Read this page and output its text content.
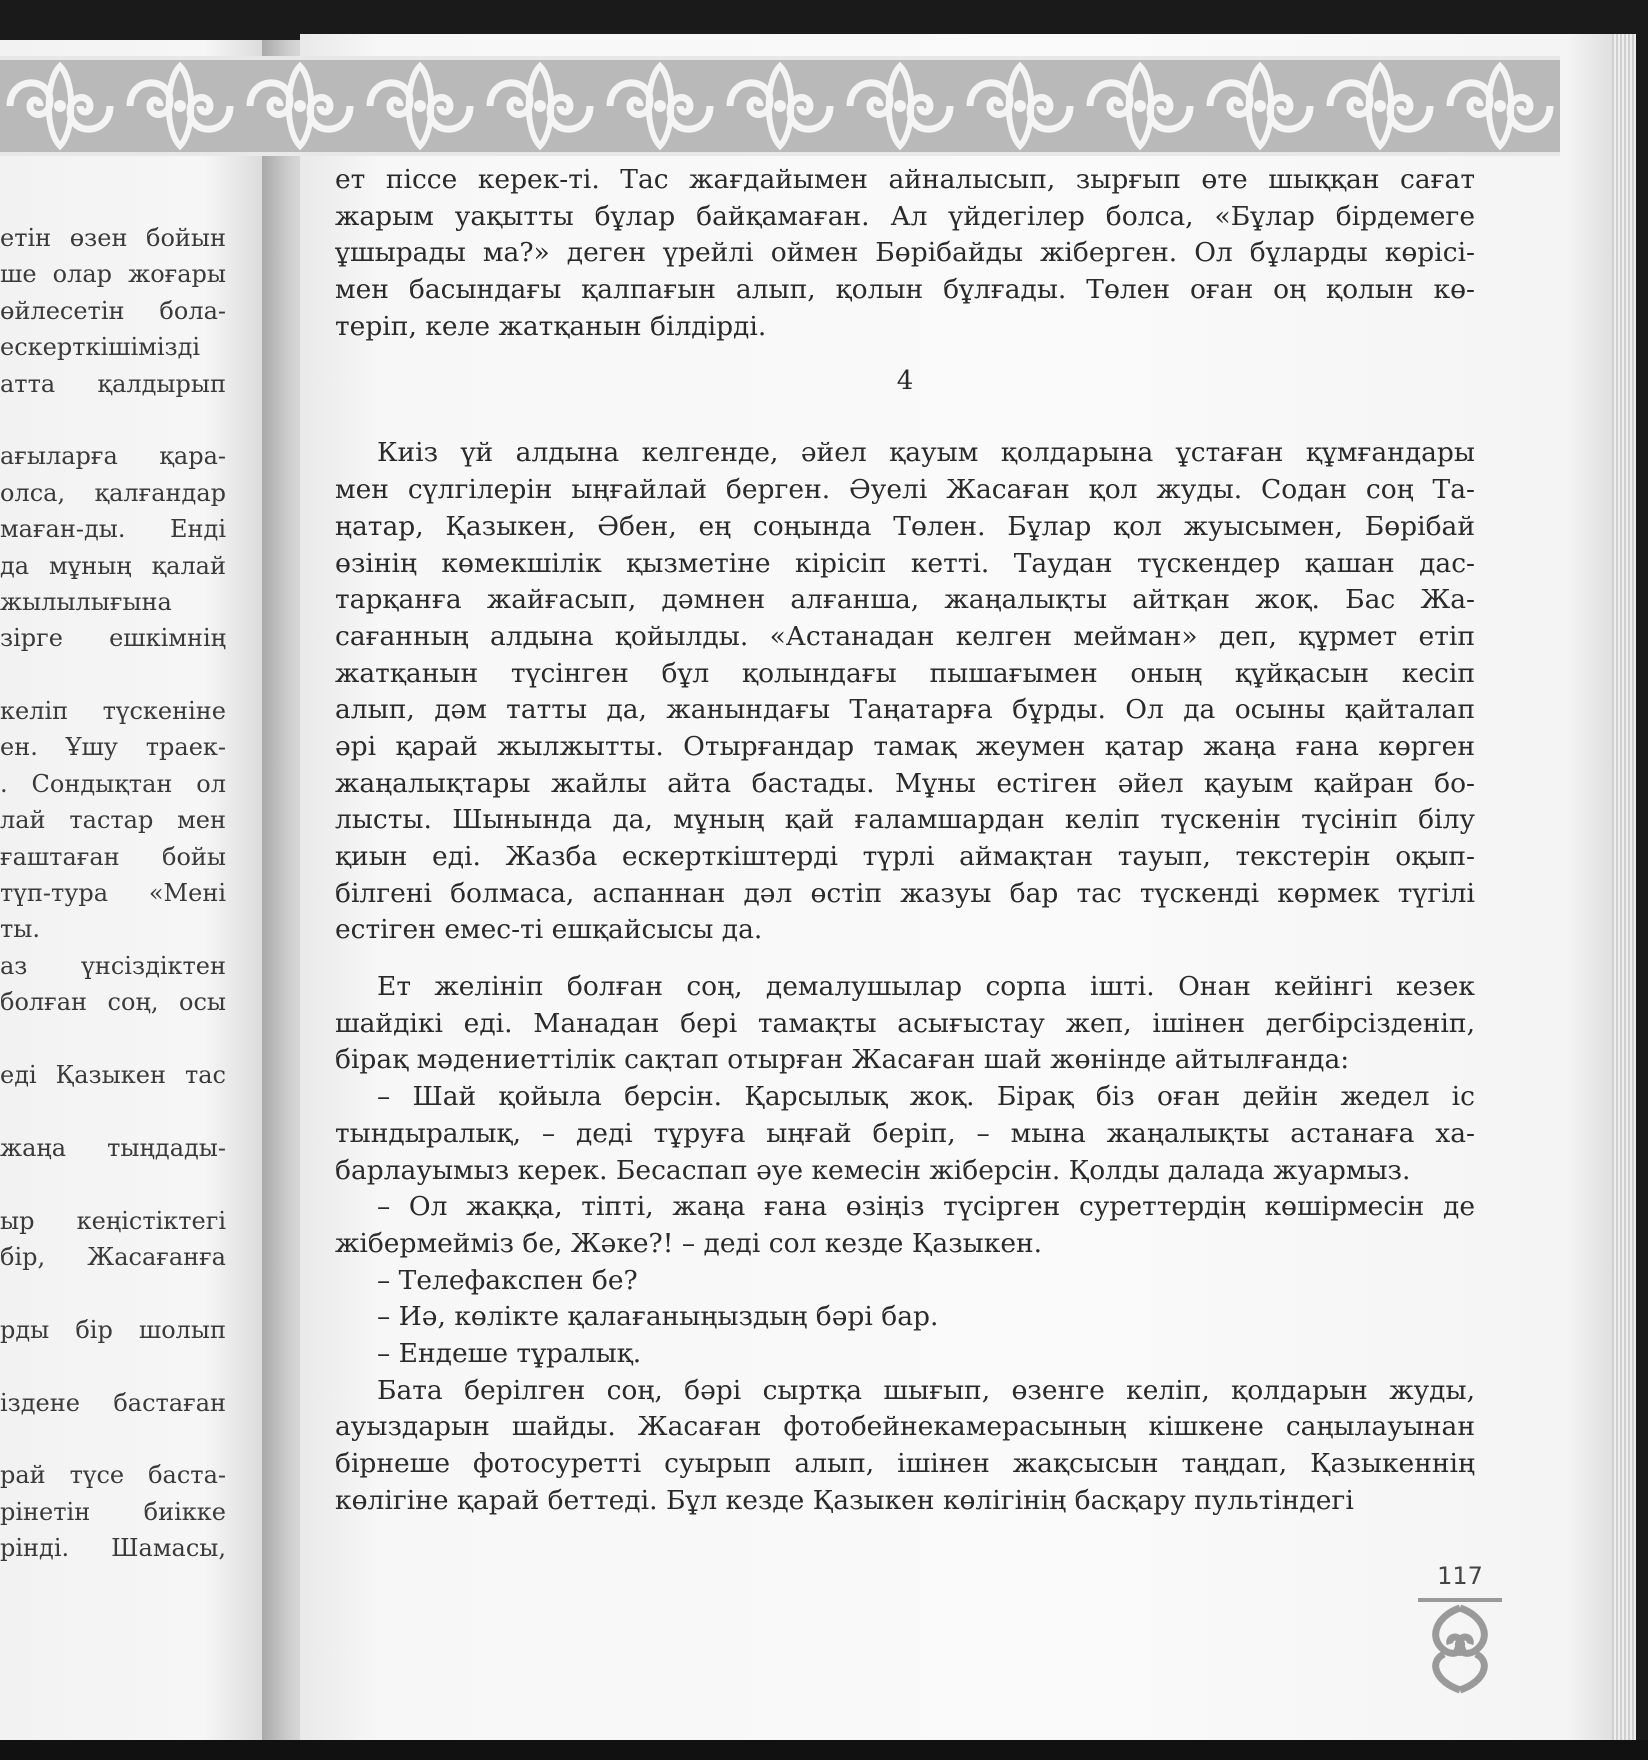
етін өзен бойын
ше олар жоғары
өйлесетін бола-
ескерткішімізді
атта қалдырып
ағыларға қара-
олса, қалғандар
маған-ды. Енді
да мұның қалай
жылылығына
зірге ешкімнің
келіп түскеніне
ен. Ұшу траек-
. Сондықтан ол
лай тастар мен
ғаштаған бойы
түп-тура «Мені
ты.
аз үнсіздіктен
болған соң, осы
еді Қазыкен тас
жаңа тыңдады-
ыр кеңістіктегі
бір, Жасағанға
рды бір шолып
іздене бастаған
рай түсе баста-
рінетін биікке
рінді. Шамасы,
ет піссе керек-ті. Тас жағдайымен айналысып, зырғып өте шыққан сағат
жарым уақытты бұлар байқамаған. Ал үйдегілер болса, «Бұлар бірдемеге
ұшырады ма?» деген үрейлі оймен Бөрібайды жіберген. Ол бұларды көрісі-
мен басындағы қалпағын алып, қолын бұлғады. Төлен оған оң қолын кө-
теріп, келе жатқанын білдірді.
4
Киіз үй алдына келгенде, әйел қауым қолдарына ұстаған құмғандары
мен сүлгілерін ыңғайлай берген. Әуелі Жасаған қол жуды. Содан соң Та-
ңатар, Қазыкен, Әбен, ең соңында Төлен. Бұлар қол жуысымен, Бөрібай
өзінің көмекшілік қызметіне кірісіп кетті. Таудан түскендер қашан дас-
тарқанға жайғасып, дәмнен алғанша, жаңалықты айтқан жоқ. Бас Жа-
сағанның алдына қойылды. «Астанадан келген мейман» деп, құрмет етіп
жатқанын түсінген бұл қолындағы пышағымен оның құйқасын кесіп
алып, дәм татты да, жанындағы Таңатарға бұрды. Ол да осыны қайталап
әрі қарай жылжытты. Отырғандар тамақ жеумен қатар жаңа ғана көрген
жаңалықтары жайлы айта бастады. Мұны естіген әйел қауым қайран бо-
лысты. Шынында да, мұның қай ғаламшардан келіп түскенін түсініп білу
қиын еді. Жазба ескерткіштерді түрлі аймақтан тауып, текстерін оқып-
білгені болмаса, аспаннан дәл өстіп жазуы бар тас түскенді көрмек түгілі
естіген емес-ті ешқайсысы да.
Ет желініп болған соң, демалушылар сорпа ішті. Онан кейінгі кезек
шайдікі еді. Манадан бері тамақты асығыстау жеп, ішінен дегбірсізденіп,
бірақ мәдениеттілік сақтап отырған Жасаған шай жөнінде айтылғанда:
– Шай қойыла берсін. Қарсылық жоқ. Бірақ біз оған дейін жедел іс
тындыралық, – деді тұруға ыңғай беріп, – мына жаңалықты астанаға ха-
барлауымыз керек. Бесаспап әуе кемесін жіберсін. Қолды далада жуармыз.
– Ол жаққа, тіпті, жаңа ғана өзіңіз түсірген суреттердің көшірмесін де
жібермейміз бе, Жәке?! – деді сол кезде Қазыкен.
– Телефакспен бе?
– Иә, көлікте қалағаныңыздың бәрі бар.
– Ендеше тұралық.
Бата берілген соң, бәрі сыртқа шығып, өзенге келіп, қолдарын жуды,
ауыздарын шайды. Жасаған фотобейнекамерасының кішкене саңылауынан
бірнеше фотосуретті суырып алып, ішінен жақсысын таңдап, Қазыкеннің
көлігіне қарай беттеді. Бұл кезде Қазыкен көлігінің басқару пультіндегі
117
